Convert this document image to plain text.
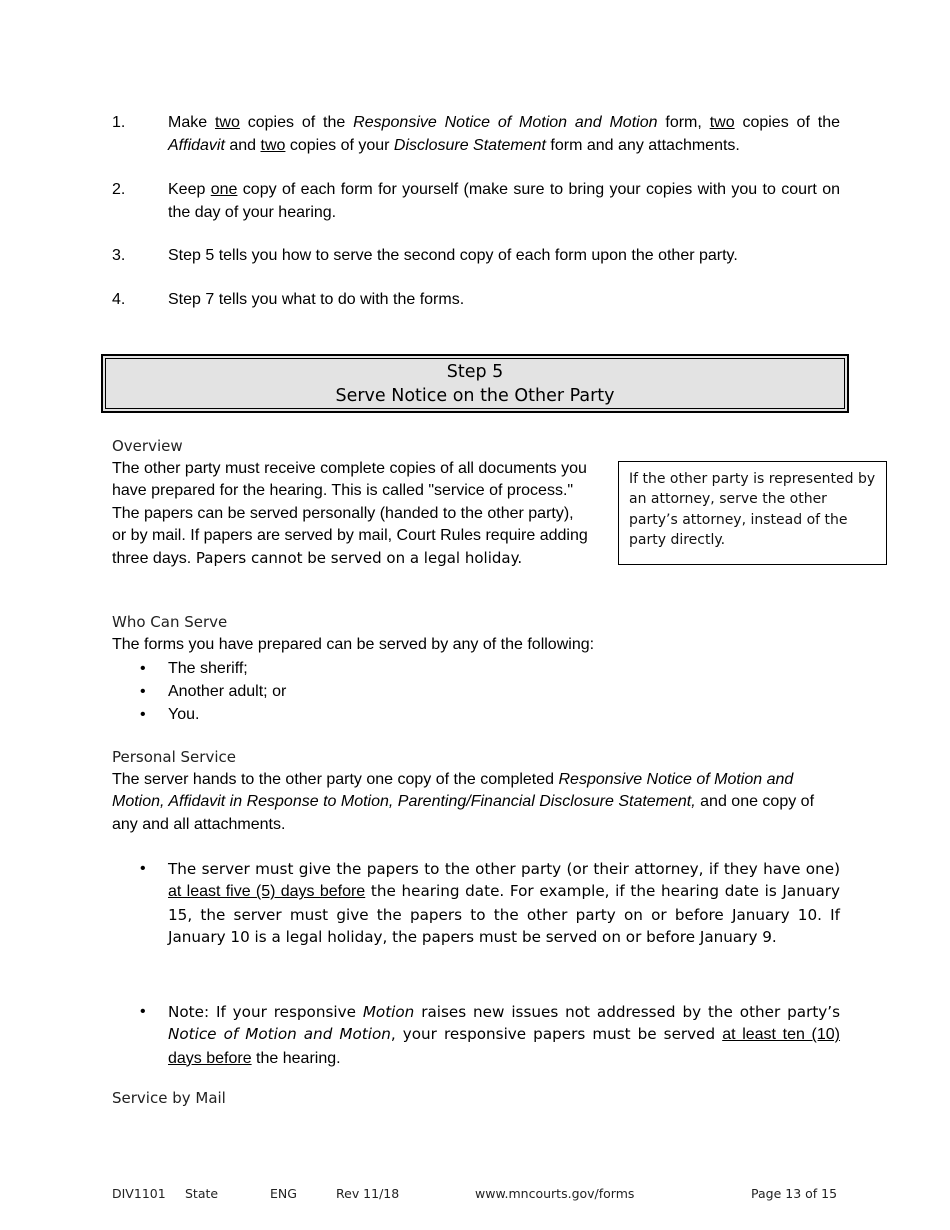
1.	Make two copies of the Responsive Notice of Motion and Motion form, two copies of the Affidavit and two copies of your Disclosure Statement form and any attachments.
2.	Keep one copy of each form for yourself (make sure to bring your copies with you to court on the day of your hearing.
3.	Step 5 tells you how to serve the second copy of each form upon the other party.
4.	Step 7 tells you what to do with the forms.
Step 5
Serve Notice on the Other Party
Overview
The other party must receive complete copies of all documents you have prepared for the hearing. This is called "service of process." The papers can be served personally (handed to the other party), or by mail. If papers are served by mail, Court Rules require adding three days. Papers cannot be served on a legal holiday.
If the other party is represented by an attorney, serve the other party’s attorney, instead of the party directly.
Who Can Serve
The forms you have prepared can be served by any of the following:
• The sheriff;
• Another adult; or
• You.
Personal Service
The server hands to the other party one copy of the completed Responsive Notice of Motion and Motion, Affidavit in Response to Motion, Parenting/Financial Disclosure Statement, and one copy of any and all attachments.
• The server must give the papers to the other party (or their attorney, if they have one) at least five (5) days before the hearing date. For example, if the hearing date is January 15, the server must give the papers to the other party on or before January 10. If January 10 is a legal holiday, the papers must be served on or before January 9.
• Note: If your responsive Motion raises new issues not addressed by the other party’s Notice of Motion and Motion, your responsive papers must be served at least ten (10) days before the hearing.
Service by Mail
DIV1101 State	ENG	Rev 11/18	www.mncourts.gov/forms	Page 13 of 15
